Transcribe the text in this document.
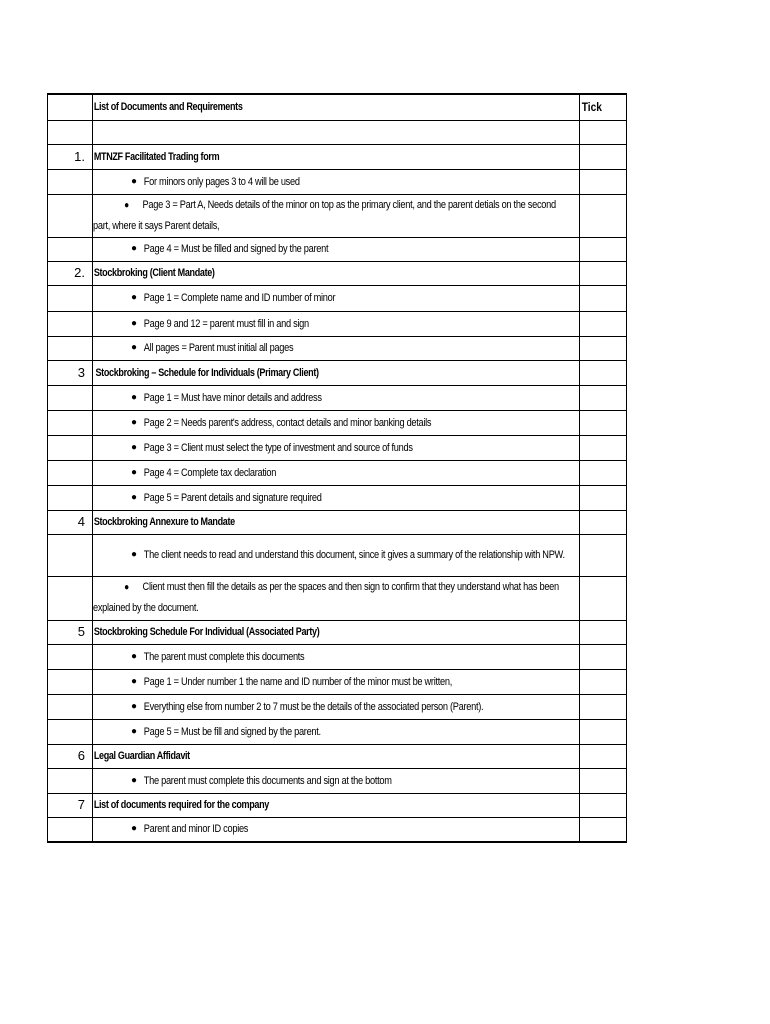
	List of Documents and Requirements	Tick

1.	MTNZF Facilitated Trading form	

	● For minors only pages 3 to 4 will be used	

	● Page 3 = Part A, Needs details of the minor on top as the primary client, and the parent detials on the second part, where it says Parent details,	

	● Page 4 = Must be filled and signed by the parent	

2.	Stockbroking (Client Mandate)	

	● Page 1 = Complete name and ID number of minor	

	● Page 9 and 12 = parent must fill in and sign	

	● All pages = Parent must initial all pages	

3	Stockbroking – Schedule for Individuals (Primary Client)	

	● Page 1 = Must have minor details and address	

	● Page 2 = Needs parent's address, contact details and minor banking details	

	● Page 3 = Client must select the type of investment and source of funds	

	● Page 4 = Complete tax declaration	

	● Page 5 = Parent details and signature required	

4	Stockbroking Annexure to Mandate	

	● The client needs to read and understand this document, since it gives a summary of the relationship with NPW.	

	● Client must then fill the details as per the spaces and then sign to confirm that they understand what has been explained by the document.	

5	Stockbroking Schedule For Individual (Associated Party)	

	● The parent must complete this documents	

	● Page 1 = Under number 1 the name and ID number of the minor must be written,	

	● Everything else from number 2 to 7 must be the details of the associated person (Parent).	

	● Page 5 = Must be fill and signed by the parent.	

6	Legal Guardian Affidavit	

	● The parent must complete this documents and sign at the bottom	

7	List of documents required for the company	

	● Parent and minor ID copies	
